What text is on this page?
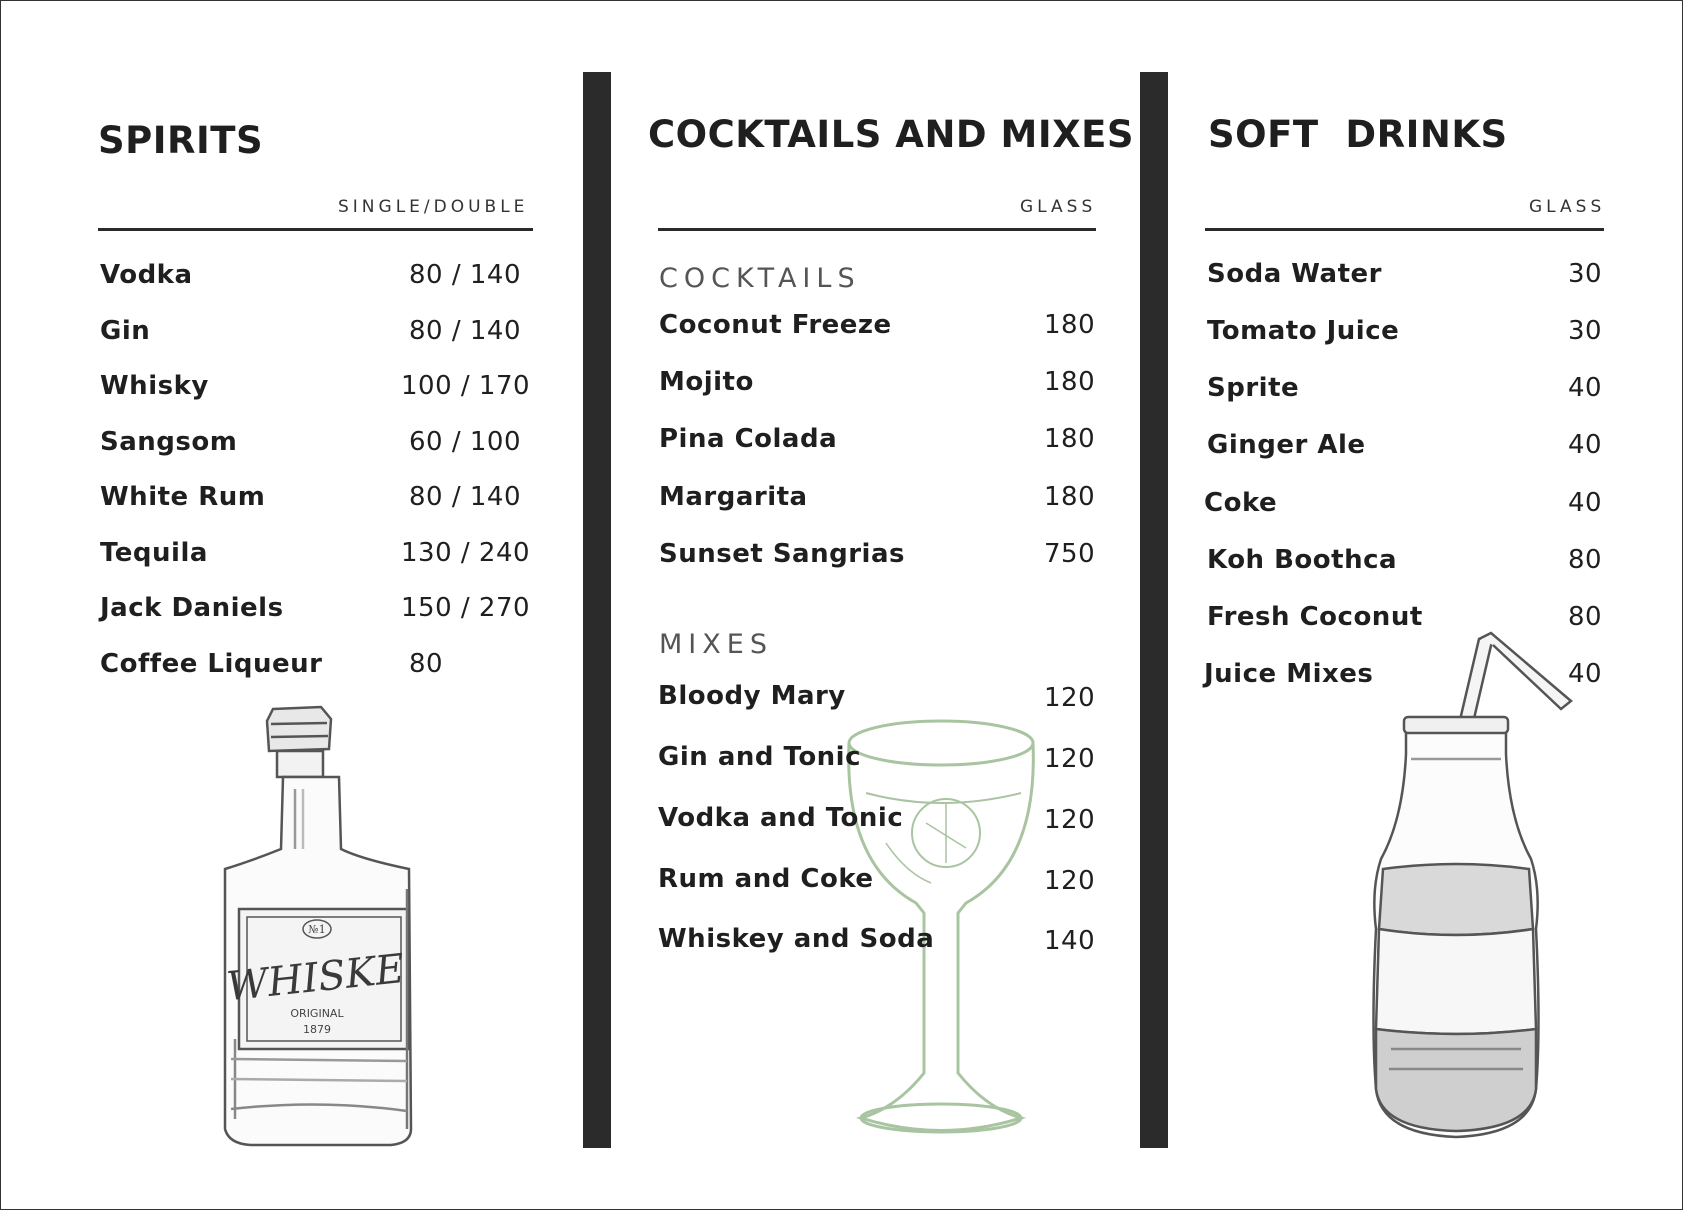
SPIRITS
SINGLE/DOUBLE
Vodka	80 / 140
Gin	80 / 140
Whisky	100 / 170
Sangsom	60 / 100
White Rum	80 / 140
Tequila	130 / 240
Jack Daniels	150 / 270
Coffee Liqueur	80
№1
WHISKE
ORIGINAL
1879
COCKTAILS AND MIXES
GLASS
COCKTAILS
Coconut Freeze	180
Mojito	180
Pina Colada	180
Margarita	180
Sunset Sangrias	750
MIXES
Bloody Mary	120
Gin and Tonic	120
Vodka and Tonic	120
Rum and Coke	120
Whiskey and Soda	140
SOFT  DRINKS
GLASS
Soda Water	30
Tomato Juice	30
Sprite	40
Ginger Ale	40
Coke	40
Koh Boothca	80
Fresh Coconut	80
Juice Mixes	40
